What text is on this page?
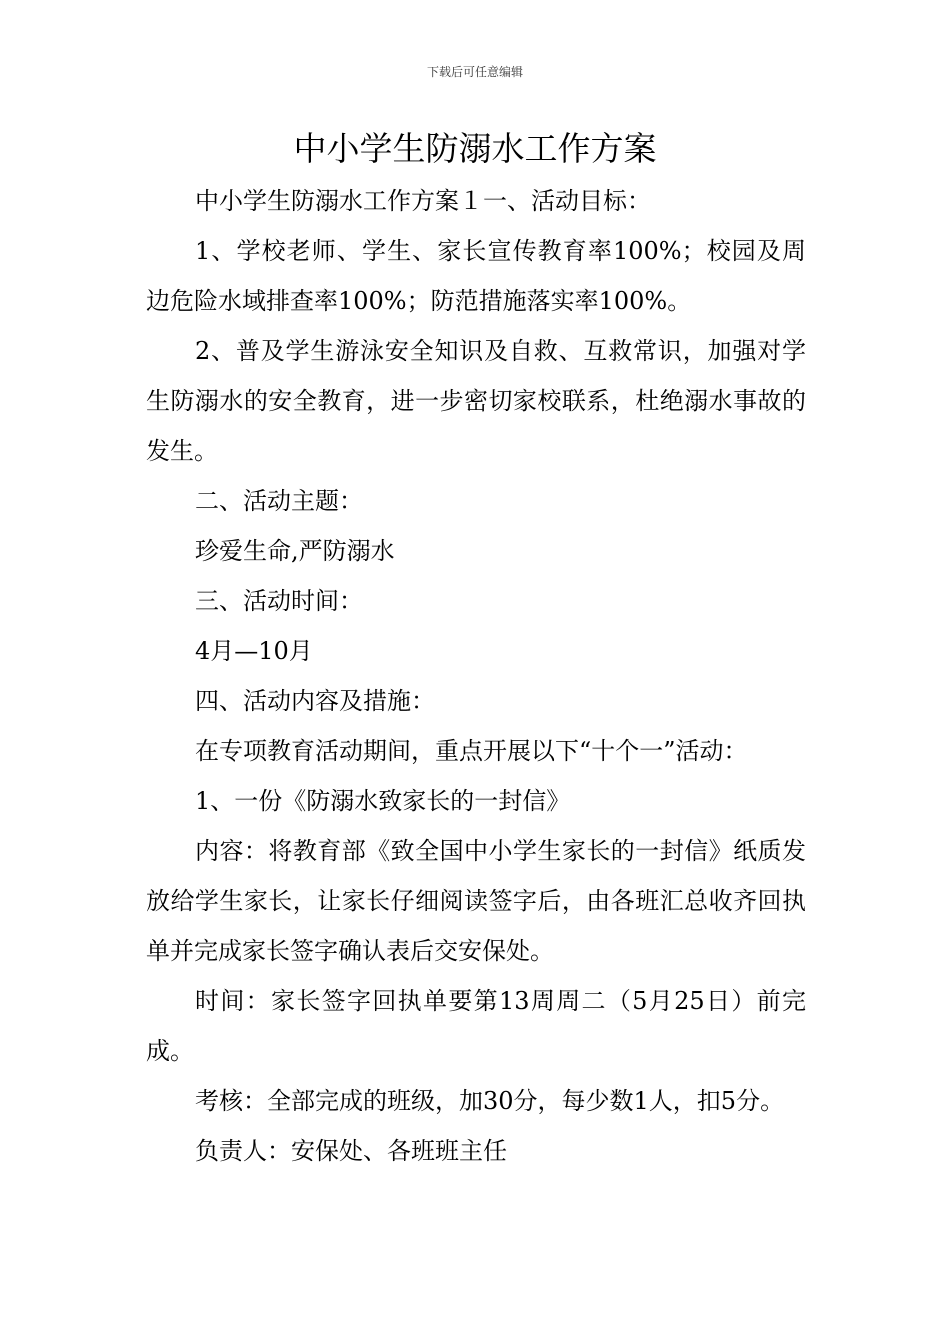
下载后可任意编辑
中小学生防溺水工作方案

中小学生防溺水工作方案１一、活动目标：

1、学校老师、学生、家长宣传教育率100%；校园及周边危险水域排查率100%；防范措施落实率100%。

2、普及学生游泳安全知识及自救、互救常识，加强对学生防溺水的安全教育，进一步密切家校联系，杜绝溺水事故的发生。

二、活动主题：

珍爱生命,严防溺水

三、活动时间：

4月—10月

四、活动内容及措施：

在专项教育活动期间，重点开展以下“十个一”活动：

1、一份《防溺水致家长的一封信》

内容：将教育部《致全国中小学生家长的一封信》纸质发放给学生家长，让家长仔细阅读签字后，由各班汇总收齐回执单并完成家长签字确认表后交安保处。

时间：家长签字回执单要第13周周二（5月25日）前完成。

考核：全部完成的班级，加30分，每少数1人，扣5分。

负责人：安保处、各班班主任
